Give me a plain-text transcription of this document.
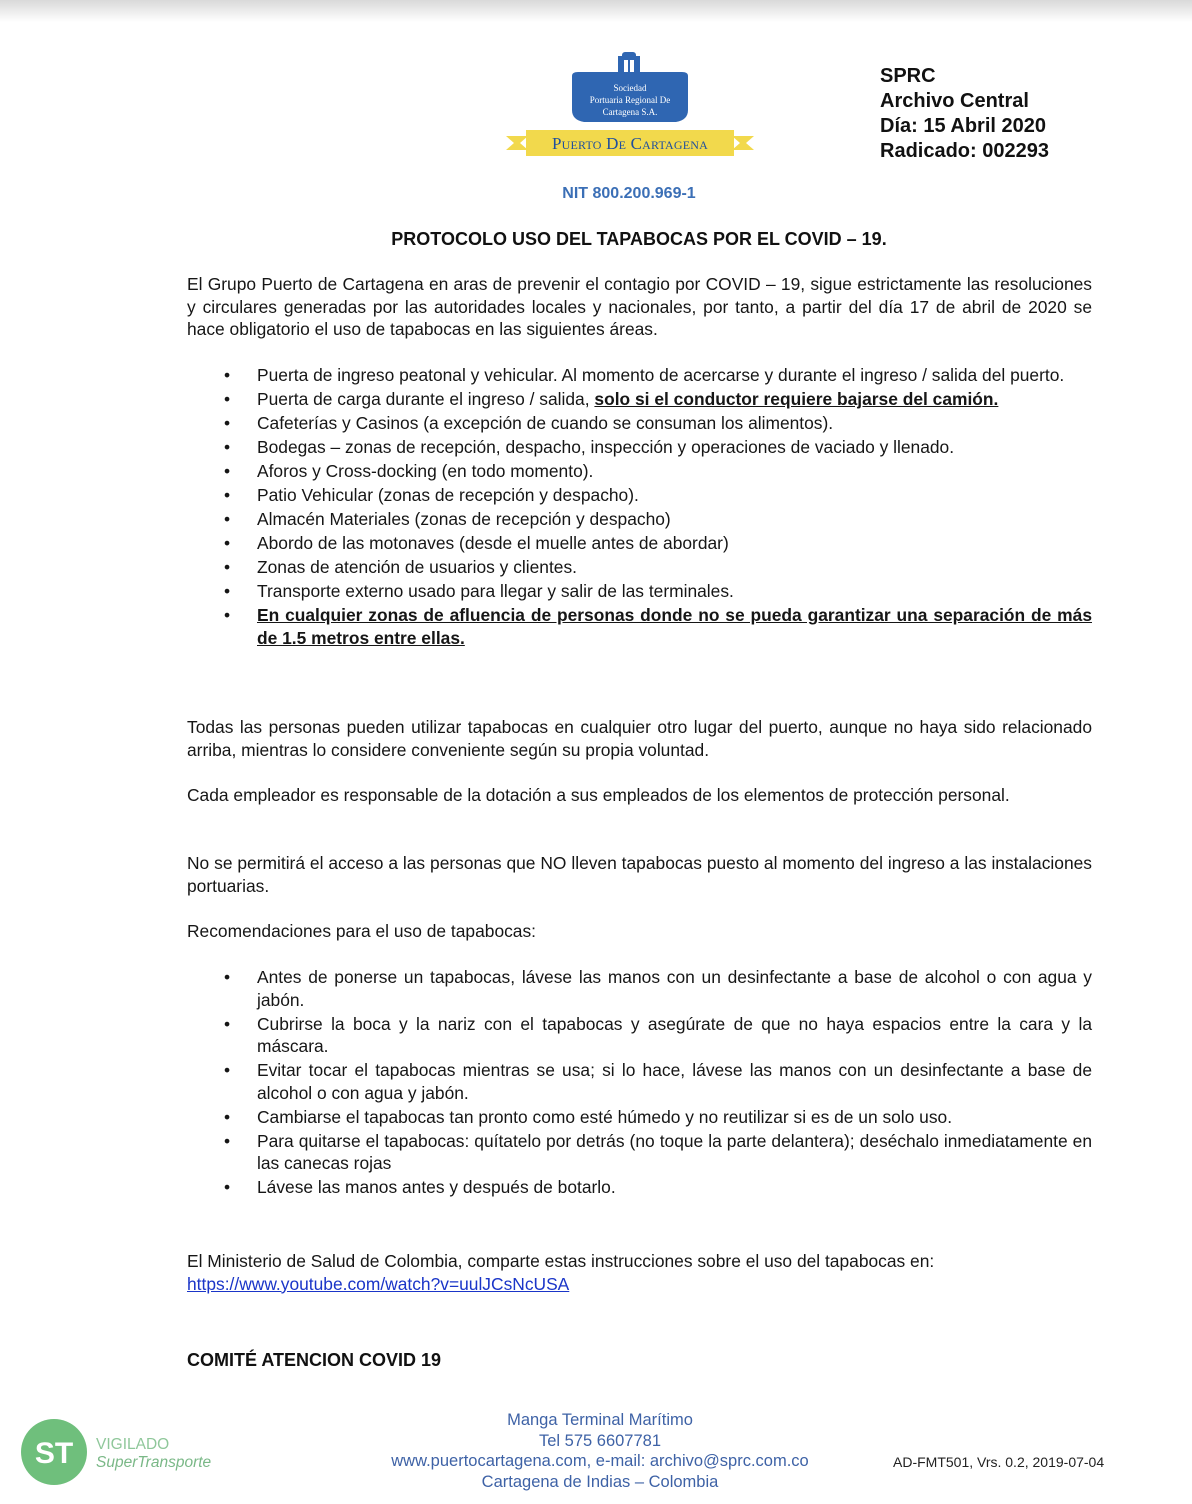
Sociedad
Portuaria Regional De
Cartagena S.A.
Puerto De Cartagena
SPRC
Archivo Central
Día: 15 Abril 2020
Radicado: 002293
NIT 800.200.969-1
PROTOCOLO USO DEL TAPABOCAS POR EL COVID – 19.
El Grupo Puerto de Cartagena en aras de prevenir el contagio por COVID – 19, sigue estrictamente las resoluciones y circulares generadas por las autoridades locales y nacionales, por tanto, a partir del día 17 de abril de 2020 se hace obligatorio el uso de tapabocas en las siguientes áreas.
• Puerta de ingreso peatonal y vehicular. Al momento de acercarse y durante el ingreso / salida del puerto.
• Puerta de carga durante el ingreso / salida, solo si el conductor requiere bajarse del camión.
• Cafeterías y Casinos (a excepción de cuando se consuman los alimentos).
• Bodegas – zonas de recepción, despacho, inspección y operaciones de vaciado y llenado.
• Aforos y Cross-docking (en todo momento).
• Patio Vehicular (zonas de recepción y despacho).
• Almacén Materiales (zonas de recepción y despacho)
• Abordo de las motonaves (desde el muelle antes de abordar)
• Zonas de atención de usuarios y clientes.
• Transporte externo usado para llegar y salir de las terminales.
• En cualquier zonas de afluencia de personas donde no se pueda garantizar una separación de más de 1.5 metros entre ellas.
Todas las personas pueden utilizar tapabocas en cualquier otro lugar del puerto, aunque no haya sido relacionado arriba, mientras lo considere conveniente según su propia voluntad.
Cada empleador es responsable de la dotación a sus empleados de los elementos de protección personal.
No se permitirá el acceso a las personas que NO lleven tapabocas puesto al momento del ingreso a las instalaciones portuarias.
Recomendaciones para el uso de tapabocas:
• Antes de ponerse un tapabocas, lávese las manos con un desinfectante a base de alcohol o con agua y jabón.
• Cubrirse la boca y la nariz con el tapabocas y asegúrate de que no haya espacios entre la cara y la máscara.
• Evitar tocar el tapabocas mientras se usa; si lo hace, lávese las manos con un desinfectante a base de alcohol o con agua y jabón.
• Cambiarse el tapabocas tan pronto como esté húmedo y no reutilizar si es de un solo uso.
• Para quitarse el tapabocas: quítatelo por detrás (no toque la parte delantera); deséchalo inmediatamente en las canecas rojas
• Lávese las manos antes y después de botarlo.
El Ministerio de Salud de Colombia, comparte estas instrucciones sobre el uso del tapabocas en:
https://www.youtube.com/watch?v=uulJCsNcUSA
COMITÉ ATENCION COVID 19
ST VIGILADO
SuperTransporte
Manga Terminal Marítimo
Tel 575 6607781
www.puertocartagena.com, e-mail: archivo@sprc.com.co
Cartagena de Indias – Colombia
AD-FMT501, Vrs. 0.2, 2019-07-04
